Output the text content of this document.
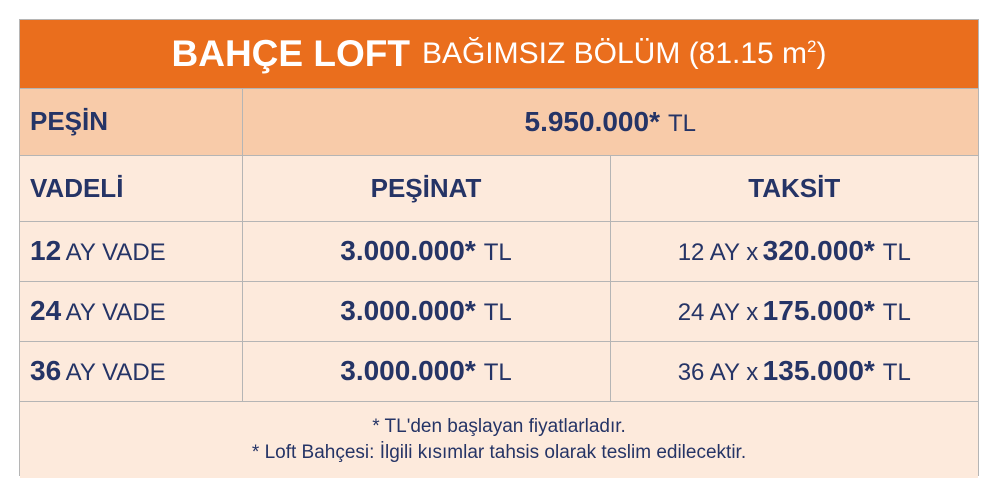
BAHÇE LOFT BAĞIMSIZ BÖLÜM (81.15 $m^2$)
PEŞİN	5.950.000* TL	
VADELİ	PEŞİNAT	TAKSİT
12 AY VADE	3.000.000* TL	12 AY x 320.000* TL
24 AY VADE	3.000.000* TL	24 AY x 175.000* TL
36 AY VADE	3.000.000* TL	36 AY x 135.000* TL
* TL'den başlayan fiyatlarladır.
* Loft Bahçesi: İlgili kısımlar tahsis olarak teslim edilecektir.
